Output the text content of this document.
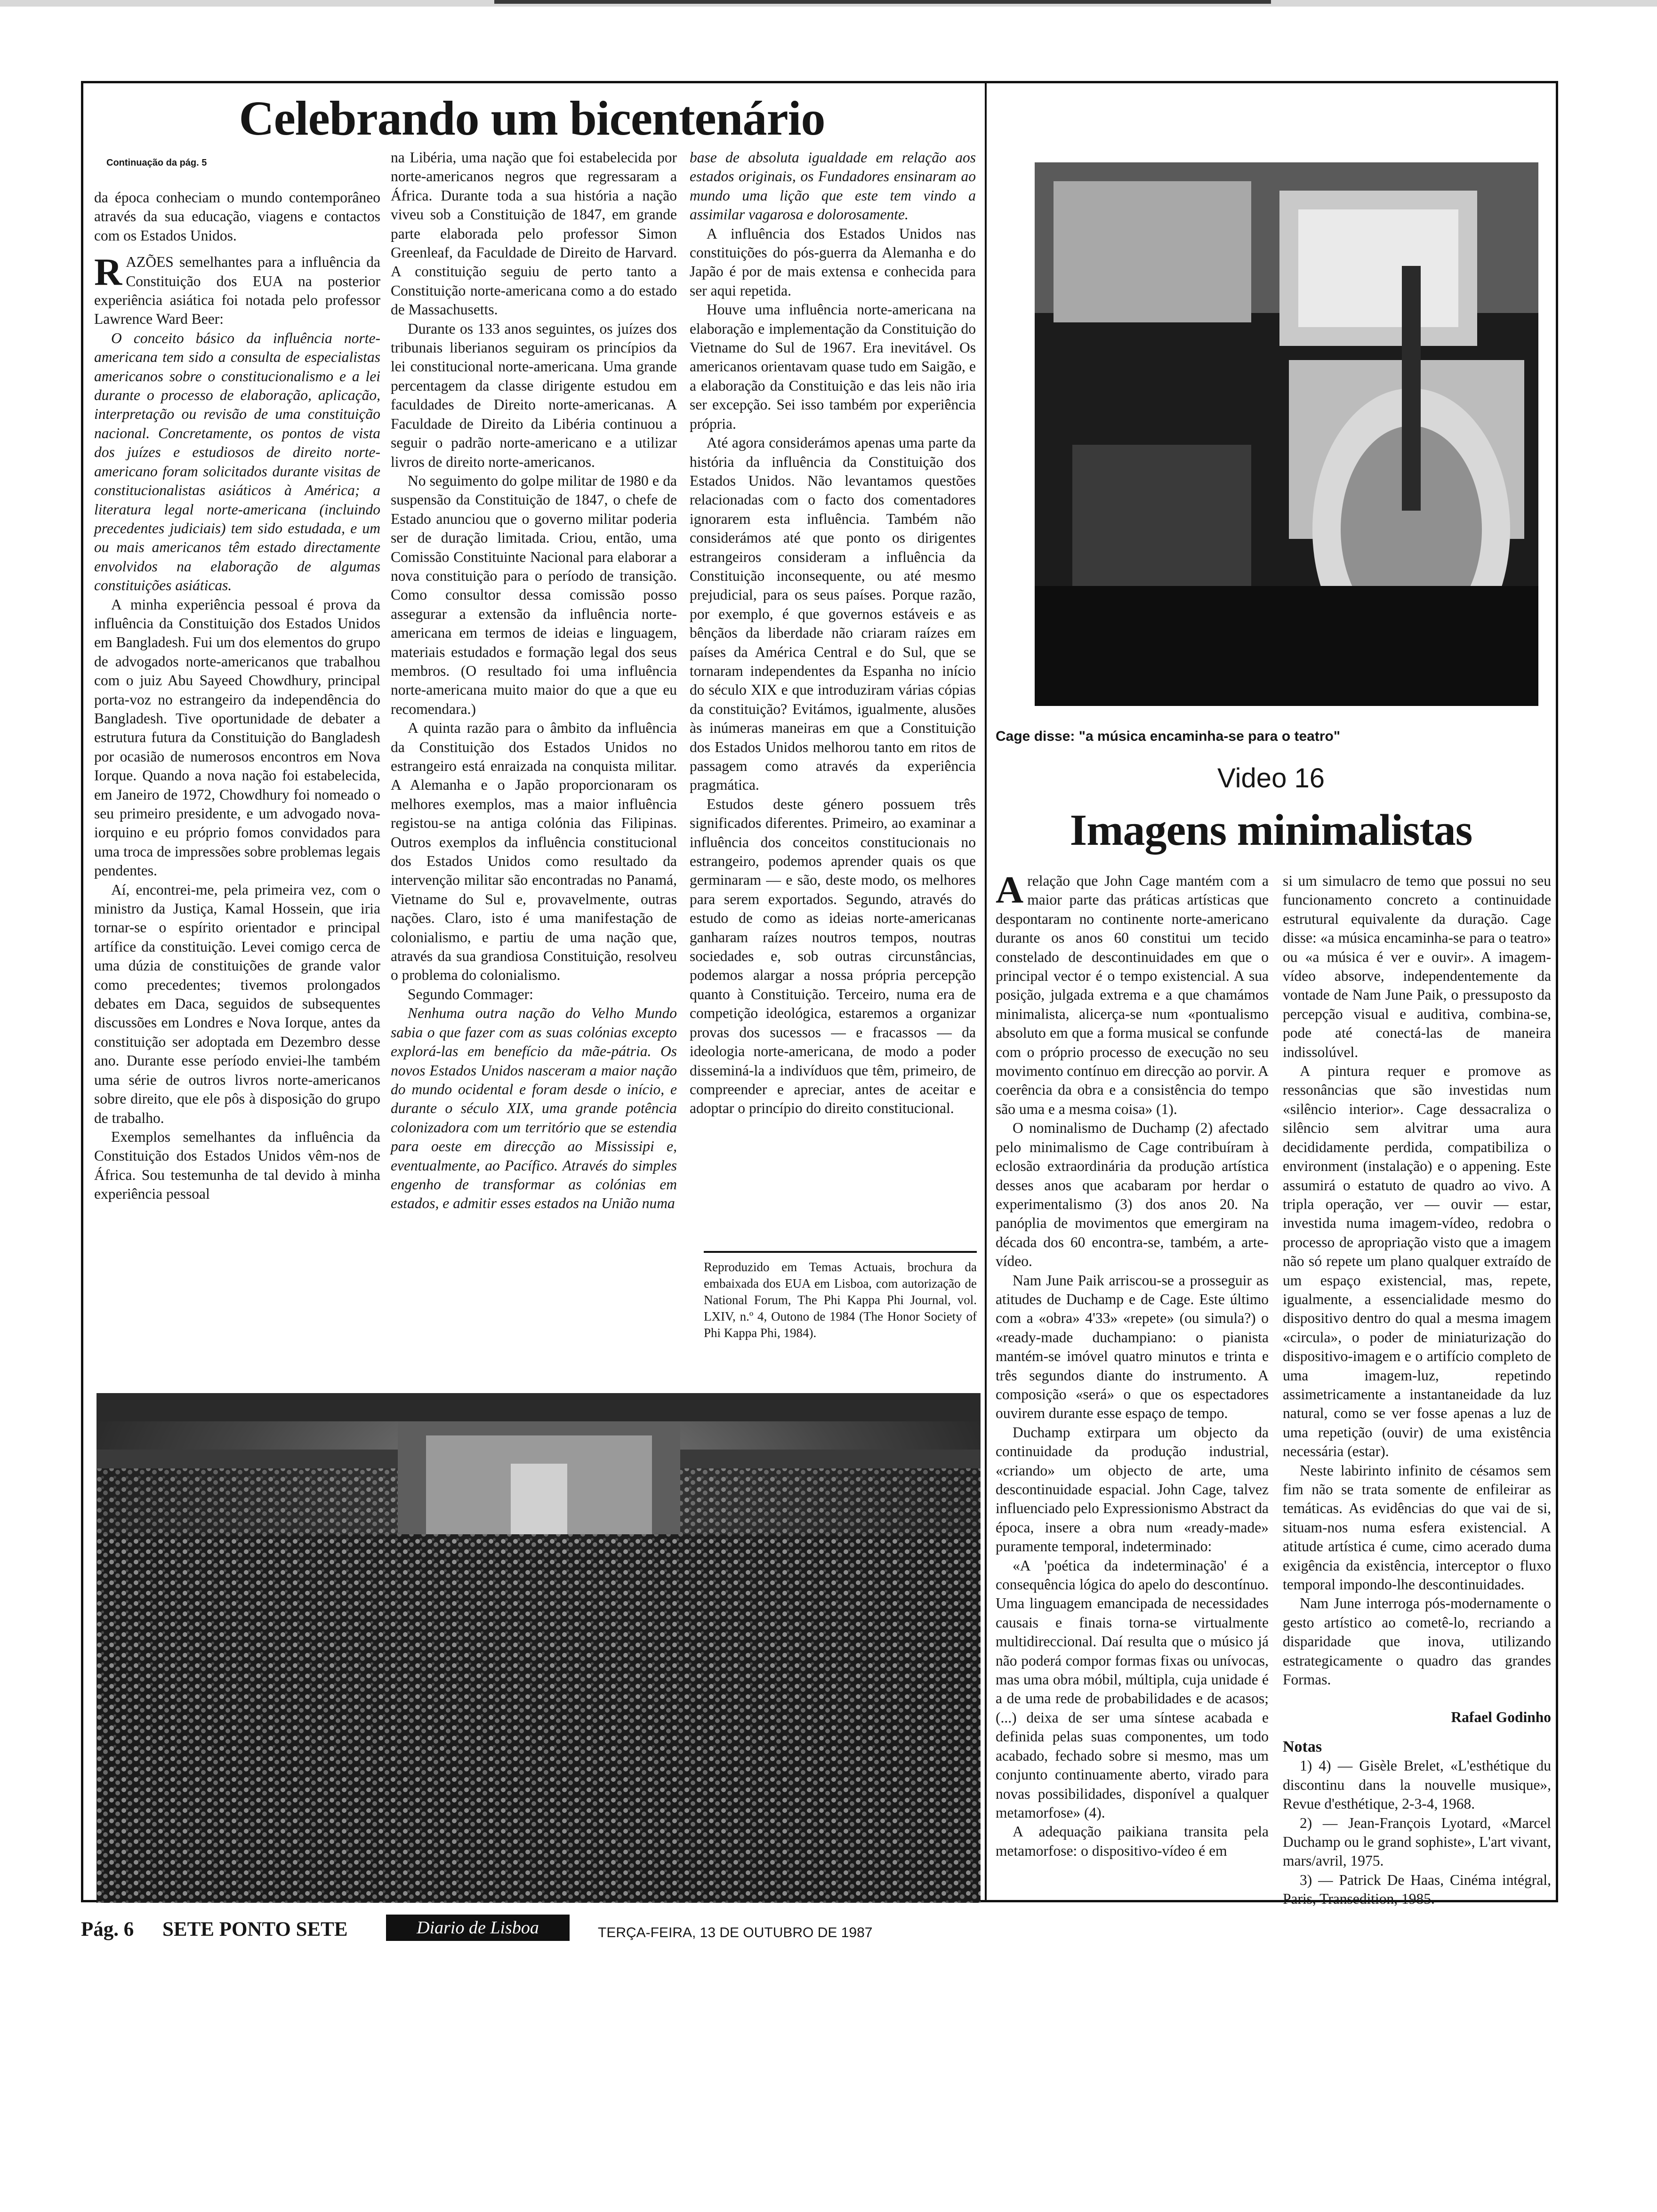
Celebrando um bicentenário
Continuação da pág. 5

da época conheciam o mundo contemporâneo através da sua educação, viagens e contactos com os Estados Unidos.

RAZÕES semelhantes para a influência da Constituição dos EUA na posterior experiência asiática foi notada pelo professor Lawrence Ward Beer:

O conceito básico da influência norte-americana tem sido a consulta de especialistas americanos sobre o constitucionalismo e a lei durante o processo de elaboração, aplicação, interpretação ou revisão de uma constituição nacional. Concretamente, os pontos de vista dos juízes e estudiosos de direito norte-americano foram solicitados durante visitas de constitucionalistas asiáticos à América; a literatura legal norte-americana (incluindo precedentes judiciais) tem sido estudada, e um ou mais americanos têm estado directamente envolvidos na elaboração de algumas constituições asiáticas.

A minha experiência pessoal é prova da influência da Constituição dos Estados Unidos em Bangladesh. Fui um dos elementos do grupo de advogados norte-americanos que trabalhou com o juiz Abu Sayeed Chowdhury, principal porta-voz no estrangeiro da independência do Bangladesh. Tive oportunidade de debater a estrutura futura da Constituição do Bangladesh por ocasião de numerosos encontros em Nova Iorque. Quando a nova nação foi estabelecida, em Janeiro de 1972, Chowdhury foi nomeado o seu primeiro presidente, e um advogado nova-iorquino e eu próprio fomos convidados para uma troca de impressões sobre problemas legais pendentes.

Aí, encontrei-me, pela primeira vez, com o ministro da Justiça, Kamal Hossein, que iria tornar-se o espírito orientador e principal artífice da constituição. Levei comigo cerca de uma dúzia de constituições de grande valor como precedentes; tivemos prolongados debates em Daca, seguidos de subsequentes discussões em Londres e Nova Iorque, antes da constituição ser adoptada em Dezembro desse ano. Durante esse período enviei-lhe também uma série de outros livros norte-americanos sobre direito, que ele pôs à disposição do grupo de trabalho.

Exemplos semelhantes da influência da Constituição dos Estados Unidos vêm-nos de África. Sou testemunha de tal devido à minha experiência pessoal

na Libéria, uma nação que foi estabelecida por norte-americanos negros que regressaram a África. Durante toda a sua história a nação viveu sob a Constituição de 1847, em grande parte elaborada pelo professor Simon Greenleaf, da Faculdade de Direito de Harvard. A constituição seguiu de perto tanto a Constituição norte-americana como a do estado de Massachusetts.

Durante os 133 anos seguintes, os juízes dos tribunais liberianos seguiram os princípios da lei constitucional norte-americana. Uma grande percentagem da classe dirigente estudou em faculdades de Direito norte-americanas. A Faculdade de Direito da Libéria continuou a seguir o padrão norte-americano e a utilizar livros de direito norte-americanos.

No seguimento do golpe militar de 1980 e da suspensão da Constituição de 1847, o chefe de Estado anunciou que o governo militar poderia ser de duração limitada. Criou, então, uma Comissão Constituinte Nacional para elaborar a nova constituição para o período de transição. Como consultor dessa comissão posso assegurar a extensão da influência norte-americana em termos de ideias e linguagem, materiais estudados e formação legal dos seus membros. (O resultado foi uma influência norte-americana muito maior do que a que eu recomendara.)

A quinta razão para o âmbito da influência da Constituição dos Estados Unidos no estrangeiro está enraizada na conquista militar. A Alemanha e o Japão proporcionaram os melhores exemplos, mas a maior influência registou-se na antiga colónia das Filipinas. Outros exemplos da influência constitucional dos Estados Unidos como resultado da intervenção militar são encontradas no Panamá, Vietname do Sul e, provavelmente, outras nações. Claro, isto é uma manifestação de colonialismo, e partiu de uma nação que, através da sua grandiosa Constituição, resolveu o problema do colonialismo.

Segundo Commager:

Nenhuma outra nação do Velho Mundo sabia o que fazer com as suas colónias excepto explorá-las em benefício da mãe-pátria. Os novos Estados Unidos nasceram a maior nação do mundo ocidental e foram desde o início, e durante o século XIX, uma grande potência colonizadora com um território que se estendia para oeste em direcção ao Mississipi e, eventualmente, ao Pacífico. Através do simples engenho de transformar as colónias em estados, e admitir esses estados na União numa

base de absoluta igualdade em relação aos estados originais, os Fundadores ensinaram ao mundo uma lição que este tem vindo a assimilar vagarosa e dolorosamente.

A influência dos Estados Unidos nas constituições do pós-guerra da Alemanha e do Japão é por de mais extensa e conhecida para ser aqui repetida.

Houve uma influência norte-americana na elaboração e implementação da Constituição do Vietname do Sul de 1967. Era inevitável. Os americanos orientavam quase tudo em Saigão, e a elaboração da Constituição e das leis não iria ser excepção. Sei isso também por experiência própria.

Até agora considerámos apenas uma parte da história da influência da Constituição dos Estados Unidos. Não levantamos questões relacionadas com o facto dos comentadores ignorarem esta influência. Também não considerámos até que ponto os dirigentes estrangeiros consideram a influência da Constituição inconsequente, ou até mesmo prejudicial, para os seus países. Porque razão, por exemplo, é que governos estáveis e as bênçãos da liberdade não criaram raízes em países da América Central e do Sul, que se tornaram independentes da Espanha no início do século XIX e que introduziram várias cópias da constituição? Evitámos, igualmente, alusões às inúmeras maneiras em que a Constituição dos Estados Unidos melhorou tanto em ritos de passagem como através da experiência pragmática.

Estudos deste género possuem três significados diferentes. Primeiro, ao examinar a influência dos conceitos constitucionais no estrangeiro, podemos aprender quais os que germinaram — e são, deste modo, os melhores para serem exportados. Segundo, através do estudo de como as ideias norte-americanas ganharam raízes noutros tempos, noutras sociedades e, sob outras circunstâncias, podemos alargar a nossa própria percepção quanto à Constituição. Terceiro, numa era de competição ideológica, estaremos a organizar provas dos sucessos — e fracassos — da ideologia norte-americana, de modo a poder disseminá-la a indivíduos que têm, primeiro, de compreender e apreciar, antes de aceitar e adoptar o princípio do direito constitucional.

Reproduzido em Temas Actuais, brochura da embaixada dos EUA em Lisboa, com autorização de National Forum, The Phi Kappa Phi Journal, vol. LXIV, n.º 4, Outono de 1984 (The Honor Society of Phi Kappa Phi, 1984).
Cage disse: "a música encaminha-se para o teatro"
Video 16
Imagens minimalistas

Arelação que John Cage mantém com a maior parte das práticas artísticas que despontaram no continente norte-americano durante os anos 60 constitui um tecido constelado de descontinuidades em que o principal vector é o tempo existencial. A sua posição, julgada extrema e a que chamámos minimalista, alicerça-se num «pontualismo absoluto em que a forma musical se confunde com o próprio processo de execução no seu movimento contínuo em direcção ao porvir. A coerência da obra e a consistência do tempo são uma e a mesma coisa» (1).

O nominalismo de Duchamp (2) afectado pelo minimalismo de Cage contribuíram à eclosão extraordinária da produção artística desses anos que acabaram por herdar o experimentalismo (3) dos anos 20. Na panóplia de movimentos que emergiram na década dos 60 encontra-se, também, a arte-vídeo.

Nam June Paik arriscou-se a prosseguir as atitudes de Duchamp e de Cage. Este último com a «obra» 4'33» «repete» (ou simula?) o «ready-made duchampiano: o pianista mantém-se imóvel quatro minutos e trinta e três segundos diante do instrumento. A composição «será» o que os espectadores ouvirem durante esse espaço de tempo.

Duchamp extirpara um objecto da continuidade da produção industrial, «criando» um objecto de arte, uma descontinuidade espacial. John Cage, talvez influenciado pelo Expressionismo Abstract da época, insere a obra num «ready-made» puramente temporal, indeterminado:

«A 'poética da indeterminação' é a consequência lógica do apelo do descontínuo. Uma linguagem emancipada de necessidades causais e finais torna-se virtualmente multidireccional. Daí resulta que o músico já não poderá compor formas fixas ou unívocas, mas uma obra móbil, múltipla, cuja unidade é a de uma rede de probabilidades e de acasos; (...) deixa de ser uma síntese acabada e definida pelas suas componentes, um todo acabado, fechado sobre si mesmo, mas um conjunto continuamente aberto, virado para novas possibilidades, disponível a qualquer metamorfose» (4).

A adequação paikiana transita pela metamorfose: o dispositivo-vídeo é em

si um simulacro de temo que possui no seu funcionamento concreto a continuidade estrutural equivalente da duração. Cage disse: «a música encaminha-se para o teatro» ou «a música é ver e ouvir». A imagem-vídeo absorve, independentemente da vontade de Nam June Paik, o pressuposto da percepção visual e auditiva, combina-se, pode até conectá-las de maneira indissolúvel.

A pintura requer e promove as ressonâncias que são investidas num «silêncio interior». Cage dessacraliza o silêncio sem alvitrar uma aura decididamente perdida, compatibiliza o environment (instalação) e o appening. Este assumirá o estatuto de quadro ao vivo. A tripla operação, ver — ouvir — estar, investida numa imagem-vídeo, redobra o processo de apropriação visto que a imagem não só repete um plano qualquer extraído de um espaço existencial, mas, repete, igualmente, a essencialidade mesmo do dispositivo dentro do qual a mesma imagem «circula», o poder de miniaturização do dispositivo-imagem e o artifício completo de uma imagem-luz, repetindo assimetricamente a instantaneidade da luz natural, como se ver fosse apenas a luz de uma repetição (ouvir) de uma existência necessária (estar).

Neste labirinto infinito de césamos sem fim não se trata somente de enfileirar as temáticas. As evidências do que vai de si, situam-nos numa esfera existencial. A atitude artística é cume, cimo acerado duma exigência da existência, interceptor o fluxo temporal impondo-lhe descontinuidades.

Nam June interroga pós-modernamente o gesto artístico ao cometê-lo, recriando a disparidade que inova, utilizando estrategicamente o quadro das grandes Formas.

Rafael Godinho

Notas

1) 4) — Gisèle Brelet, «L'esthétique du discontinu dans la nouvelle musique», Revue d'esthétique, 2-3-4, 1968.

2) — Jean-François Lyotard, «Marcel Duchamp ou le grand sophiste», L'art vivant, mars/avril, 1975.

3) — Patrick De Haas, Cinéma intégral, Paris, Transedition, 1985.

Pág. 6 SETE PONTO SETE	Diario de Lisboa	TERÇA-FEIRA, 13 DE OUTUBRO DE 1987
